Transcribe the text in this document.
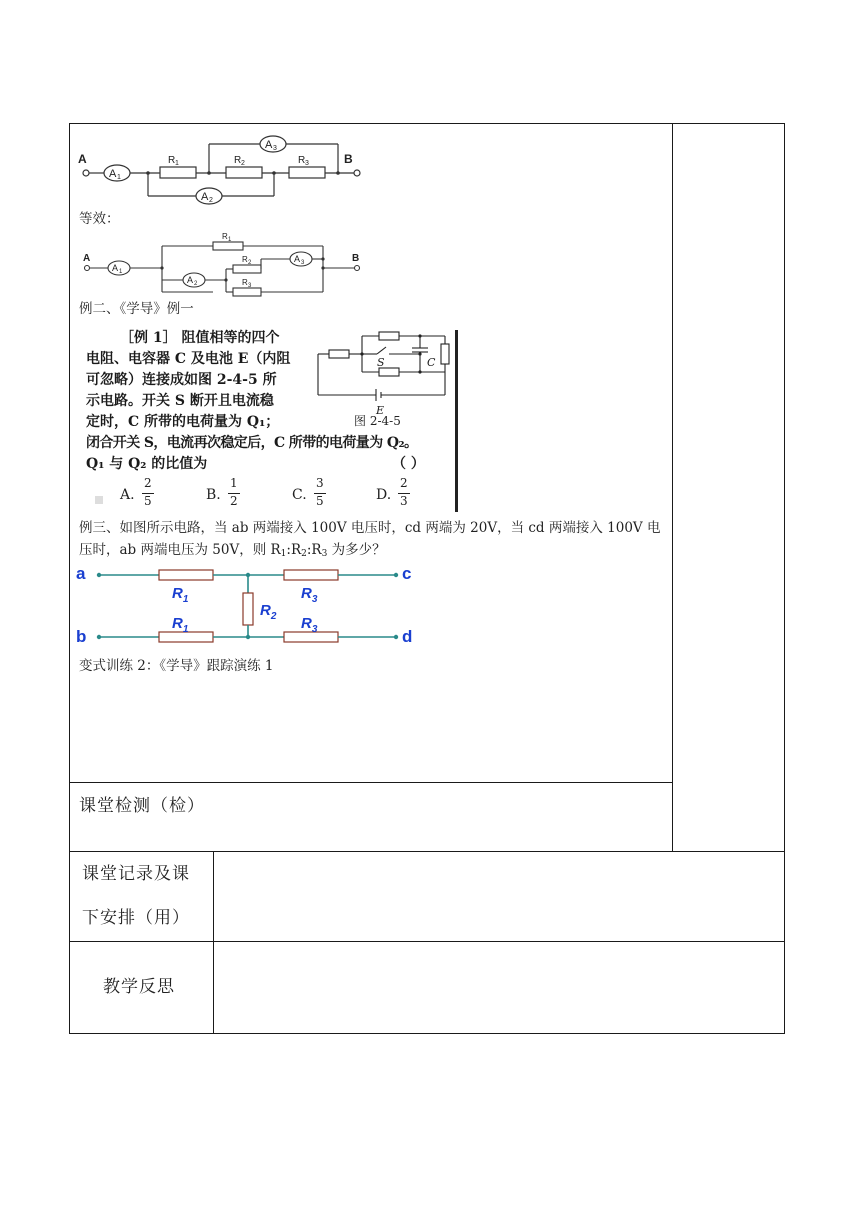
A 1
A 2
A 3
A	B
R 1	R 2	R 3
等效：
A 1
A 2
A 3
A	B
R 1
R 2
R 3
例二、《学导》例一
［例 1］ 阻值相等的四个
电阻、电容器 C 及电池 E（内阻
可忽略）连接成如图 2-4-5 所
示电路。开关 S 断开且电流稳
定时，C 所带的电荷量为 Q₁；
闭合开关 S，电流再次稳定后，C 所带的电荷量为 Q₂。
Q₁ 与 Q₂ 的比值为	（ ）
S	C
E
图 2-4-5
A.
2
5	B.
1
2	C.
3
5	D.
2
3
例三、如图所示电路，当 ab 两端接入 100V 电压时，cd 两端为 20V，当 cd 两端接入 100V 电
压时，ab 两端电压为 50V，则 $R_1:R_2:R_3$ 为多少？
a	c
b	d
$R_1$	$R_3$
$R_2$
$R_1$	$R_3$
变式训练 2：《学导》跟踪演练 1
课堂检测（检）
课堂记录及课
下安排（用）
教学反思
